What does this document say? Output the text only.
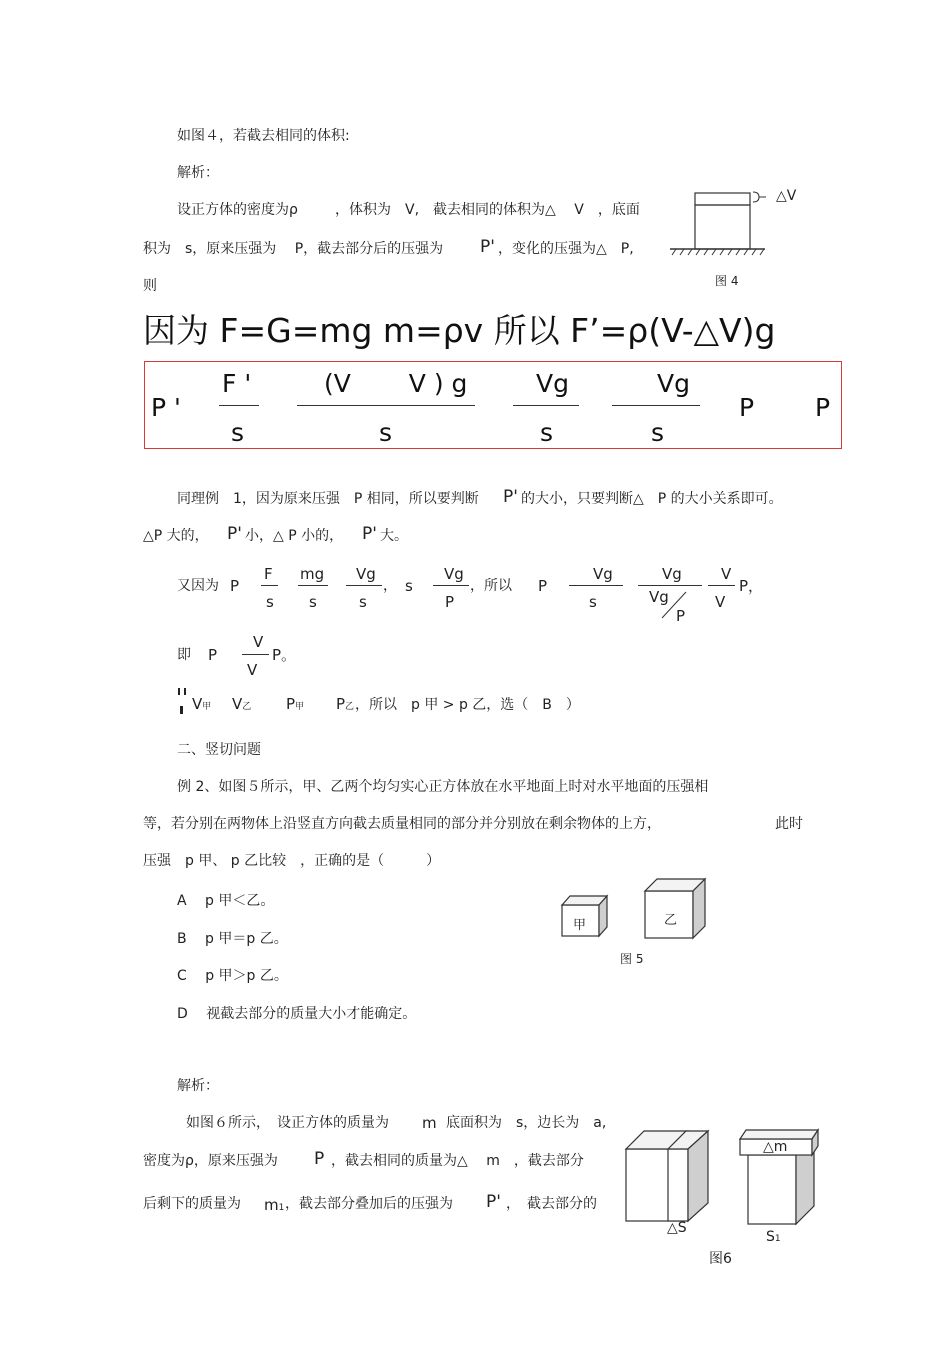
如图４，若截去相同的体积:
解析：
设正方体的密度为ρ	，体积为　V,　截去相同的体积为△　 V　，底面
积为　s，原来压强为　 P，截去部分后的压强为 P' ，变化的压强为△　P,
则
△V
图 4
因为 F=G=mg m=ρv 所以 F’=ρ(V-△V)g
P '
F '
s
(V　　 V ) g
s
Vg
s
Vg
s
P P
同理例　1，因为原来压强　P 相同，所以要判断 P' 的大小，只要判断△　P 的大小关系即可。
△P 大的， P' 小，△ P 小的， P' 大。
又因为 P
F
s
mg
s
Vg
s
， s
Vg
P
，所以 P
Vg
s
Vg
Vg
P
V
V
P，
即 P
V
V
P。
V甲 V乙 P甲 P乙 ，所以　p 甲 > p 乙，选（　B　）
二、竖切问题
例 2、如图５所示，甲、乙两个均匀实心正方体放在水平地面上时对水平地面的压强相
等，若分别在两物体上沿竖直方向截去质量相同的部分并分别放在剩余物体的上方，	此时
压强　p 甲、 p 乙比较　，正确的是（　　　）
A　 p 甲＜乙。
B　 p 甲＝p 乙。
C　 p 甲＞p 乙。
D　 视截去部分的质量大小才能确定。
甲	乙
图 5
解析：
如图６所示，　设正方体的质量为 m 底面积为　s，边长为　a,
密度为ρ，原来压强为 P ，截去相同的质量为△　 m　，截去部分
后剩下的质量为 m1 ，截去部分叠加后的压强为 P' ，　截去部分的
△m
△S
S1
图6
